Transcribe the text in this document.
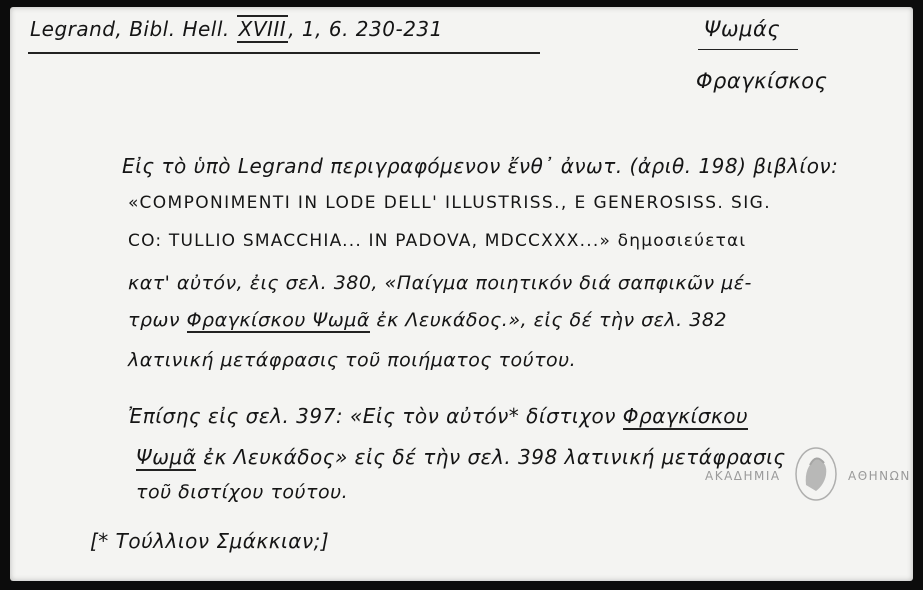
Legrand, Bibl. Hell. XVIII , 1, 6. 230-231	Ψωμάς
Φραγκίσκος
Eἰς τὸ ὑπὸ Legrand περιγραφόμενον ἔνθ᾽ ἀνωτ. (ἀριθ. 198) βιβλίον:
«COMPONIMENTI IN LODE DELL' ILLUSTRISS., E GENEROSISS. SIG.
CO: TULLIO SMACCHIA... IN PADOVA, MDCCXXX...» δημοσιεύεται
κατ' αὐτόν, ἐις σελ. 380, «Παίγμα ποιητικόν διά σαπφικῶν μέ-
τρων Φραγκίσκου Ψωμᾶ ἐκ Λευκάδος.», εἰς δέ τὴν σελ. 382
λατινική μετάφρασις τοῦ ποιήματος τούτου.
Ἐπίσης εἰς σελ. 397: «Eἰς τὸν αὐτόν* δίστιχον Φραγκίσκου
Ψωμᾶ ἐκ Λευκάδος» εἰς δέ τὴν σελ. 398 λατινική μετάφρασις
τοῦ διστίχου τούτου.
[* Τούλλιον Σμάκκιαν;]
ΑΚΑΔΗΜΙΑ	ΑΘΗΝΩΝ
